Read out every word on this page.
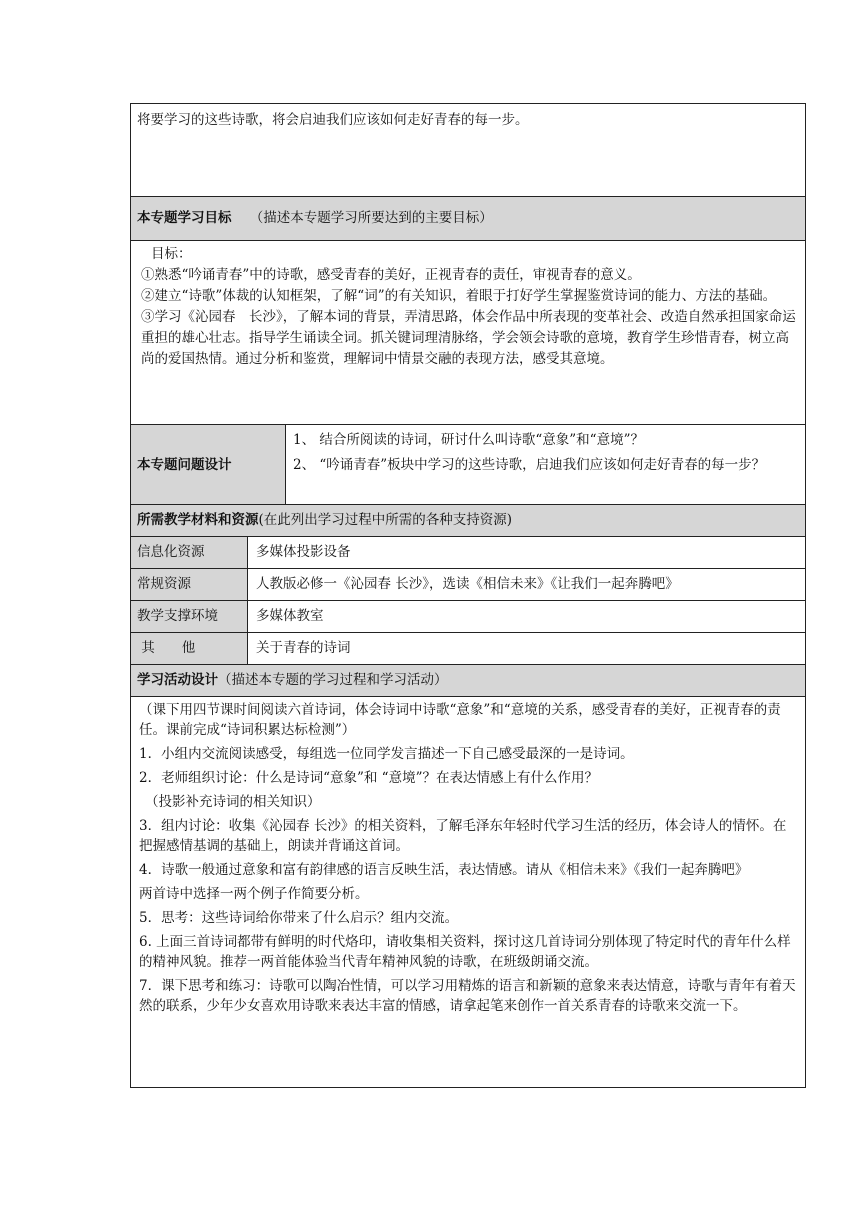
将要学习的这些诗歌，将会启迪我们应该如何走好青春的每一步。

本专题学习目标 （描述本专题学习所要达到的主要目标）

目标：

①熟悉“吟诵青春”中的诗歌，感受青春的美好，正视青春的责任，审视青春的意义。

②建立“诗歌”体裁的认知框架，了解“词”的有关知识，着眼于打好学生掌握鉴赏诗词的能力、方法的基础。

③学习《沁园春　长沙》，了解本词的背景，弄清思路，体会作品中所表现的变革社会、改造自然承担国家命运重担的雄心壮志。指导学生诵读全词。抓关键词理清脉络，学会领会诗歌的意境，教育学生珍惜青春，树立高尚的爱国热情。通过分析和鉴赏，理解词中情景交融的表现方法，感受其意境。

本专题问题设计

1、 结合所阅读的诗词，研讨什么叫诗歌“意象”和“意境”？

2、 “吟诵青春”板块中学习的这些诗歌，启迪我们应该如何走好青春的每一步？

所需教学材料和资源(在此列出学习过程中所需的各种支持资源)
信息化资源	多媒体投影设备
常规资源	人教版必修一《沁园春 长沙》，选读《相信未来》《让我们一起奔腾吧》
教学支撑环境	多媒体教室
其　　他	关于青春的诗词
学习活动设计（描述本专题的学习过程和学习活动）

（课下用四节课时间阅读六首诗词，体会诗词中诗歌“意象”和“意境的关系，感受青春的美好，正视青春的责任。课前完成“诗词积累达标检测”）

1．小组内交流阅读感受，每组选一位同学发言描述一下自己感受最深的一是诗词。

2．老师组织讨论：什么是诗词“意象”和 “意境”？在表达情感上有什么作用？

（投影补充诗词的相关知识）

3．组内讨论：收集《沁园春 长沙》的相关资料，了解毛泽东年轻时代学习生活的经历，体会诗人的情怀。在把握感情基调的基础上，朗读并背诵这首词。

4．诗歌一般通过意象和富有韵律感的语言反映生活，表达情感。请从《相信未来》《我们一起奔腾吧》

两首诗中选择一两个例子作简要分析。

5．思考：这些诗词给你带来了什么启示？组内交流。

6. 上面三首诗词都带有鲜明的时代烙印，请收集相关资料，探讨这几首诗词分别体现了特定时代的青年什么样的精神风貌。推荐一两首能体验当代青年精神风貌的诗歌，在班级朗诵交流。

7．课下思考和练习：诗歌可以陶冶性情，可以学习用精炼的语言和新颖的意象来表达情意，诗歌与青年有着天然的联系，少年少女喜欢用诗歌来表达丰富的情感，请拿起笔来创作一首关系青春的诗歌来交流一下。
